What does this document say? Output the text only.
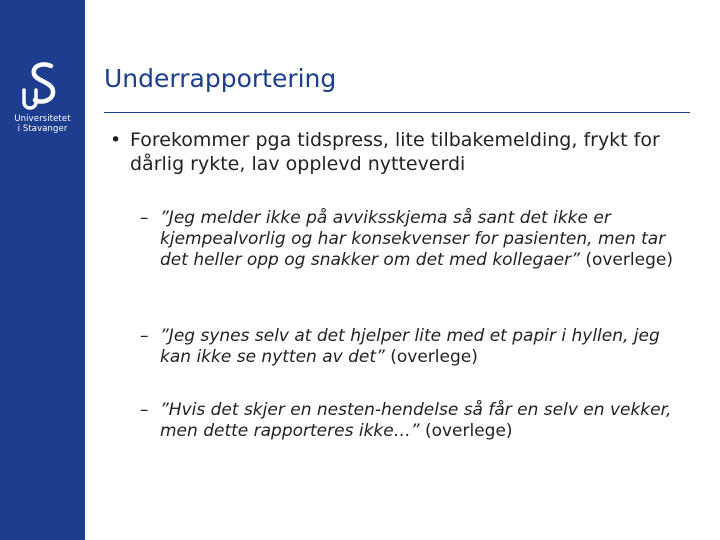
Universitetet
i Stavanger
Underrapportering
• Forekommer pga tidspress, lite tilbakemelding, frykt for dårlig rykte, lav opplevd nytteverdi
– ”Jeg melder ikke på avviksskjema så sant det ikke er kjempealvorlig og har konsekvenser for pasienten, men tar det heller opp og snakker om det med kollegaer” (overlege)
– ”Jeg synes selv at det hjelper lite med et papir i hyllen, jeg kan ikke se nytten av det” (overlege)
– ”Hvis det skjer en nesten-hendelse så får en selv en vekker, men dette rapporteres ikke…” (overlege)
